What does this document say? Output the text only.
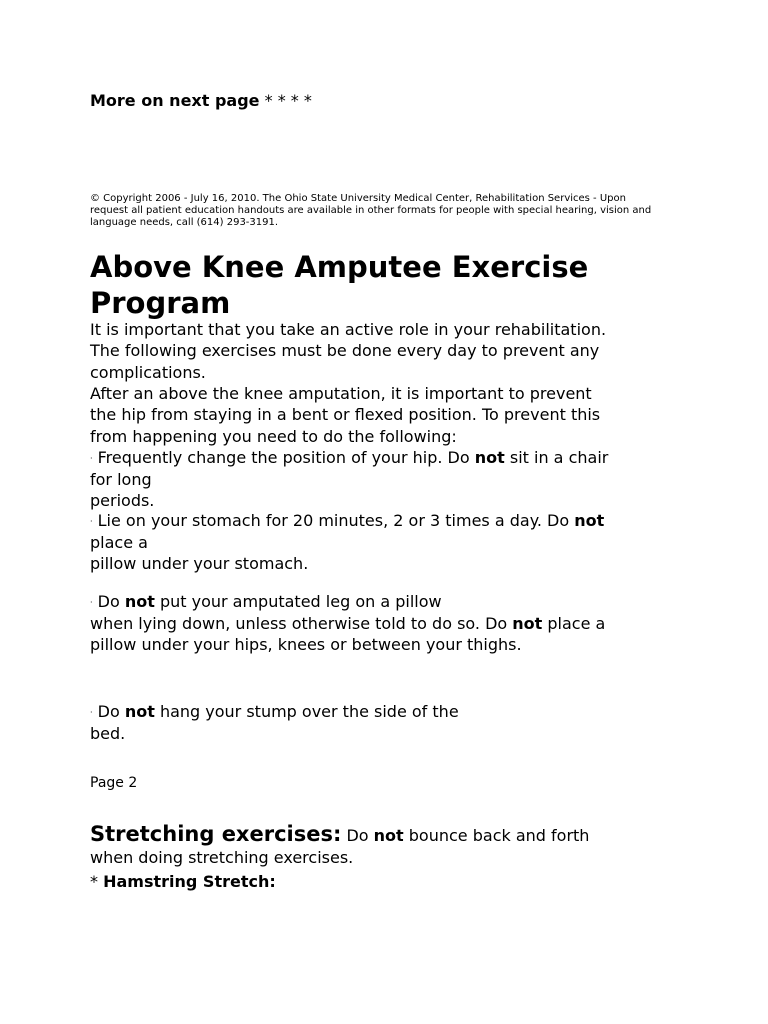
More on next page * * * *
© Copyright 2006 - July 16, 2010. The Ohio State University Medical Center, Rehabilitation Services - Upon
request all patient education handouts are available in other formats for people with special hearing, vision and
language needs, call (614) 293-3191.
Above Knee Amputee Exercise
Program
It is important that you take an active role in your rehabilitation.
The following exercises must be done every day to prevent any
complications.
After an above the knee amputation, it is important to prevent
the hip from staying in a bent or flexed position. To prevent this
from happening you need to do the following:
· Frequently change the position of your hip. Do not sit in a chair
for long
periods.
· Lie on your stomach for 20 minutes, 2 or 3 times a day. Do not
place a
pillow under your stomach.
· Do not put your amputated leg on a pillow
when lying down, unless otherwise told to do so. Do not place a
pillow under your hips, knees or between your thighs.
· Do not hang your stump over the side of the
bed.
Page 2
Stretching exercises: Do not bounce back and forth
when doing stretching exercises.
* Hamstring Stretch:
